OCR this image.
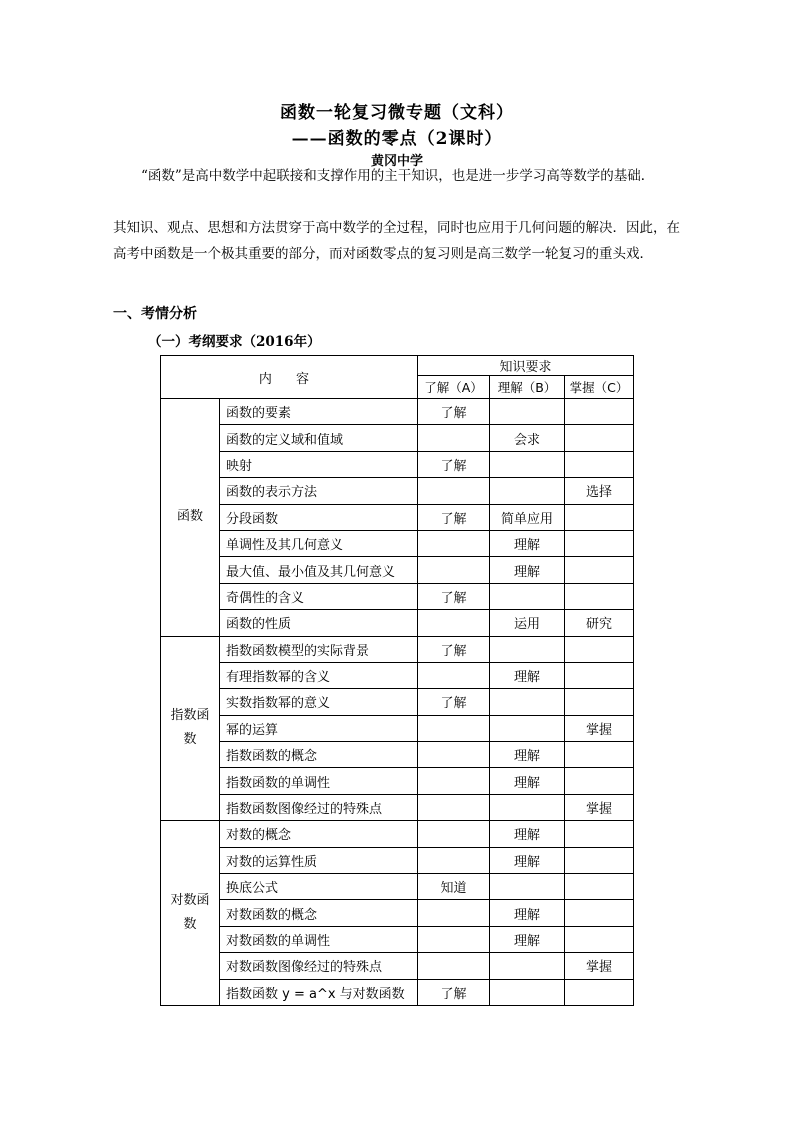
函数一轮复习微专题（文科）
——函数的零点（2课时）
黄冈中学
“函数”是高中数学中起联接和支撑作用的主干知识，也是进一步学习高等数学的基础．
其知识、观点、思想和方法贯穿于高中数学的全过程，同时也应用于几何问题的解决．因此，在高考中函数是一个极其重要的部分，而对函数零点的复习则是高三数学一轮复习的重头戏．
一、考情分析
（一）考纲要求（2016年）
内 容		知识要求		
		了解（A）	理解（B）	掌握（C）

函数	函数的要素	了解		
	函数的定义域和值域		会求	
	映射	了解		
	函数的表示方法			选择
	分段函数	了解	简单应用	
	单调性及其几何意义		理解	
	最大值、最小值及其几何意义		理解	
	奇偶性的含义	了解		
	函数的性质		运用	研究

指数函
数	指数函数模型的实际背景	了解		
	有理指数幂的含义		理解	
	实数指数幂的意义	了解		
	幂的运算			掌握
	指数函数的概念		理解	
	指数函数的单调性		理解	
	指数函数图像经过的特殊点			掌握

对数函
数	对数的概念		理解	
	对数的运算性质		理解	
	换底公式	知道		
	对数函数的概念		理解	
	对数函数的单调性		理解	
	对数函数图像经过的特殊点			掌握
	指数函数 y = a^x 与对数函数	了解		
